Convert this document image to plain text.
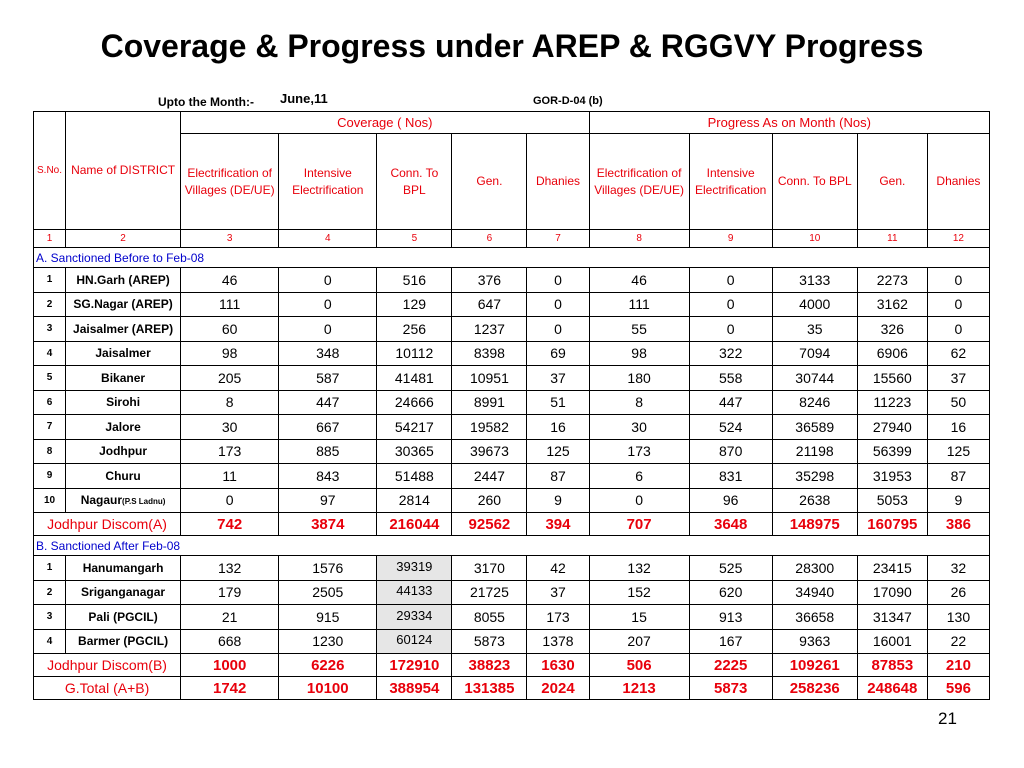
Coverage & Progress under AREP & RGGVY Progress
Upto the Month:- June,11	GOR-D-04 (b)
S.No.	Name of DISTRICT	Coverage ( Nos)					Progress As on Month (Nos)				
		Electrification of Villages (DE/UE)	Intensive Electrification	Conn. To BPL	Gen.	Dhanies	Electrification of Villages (DE/UE)	Intensive Electrification	Conn. To BPL	Gen.	Dhanies
1	2	3	4	5	6	7	8	9	10	11	12
A. Sanctioned Before to Feb-08											
1	HN.Garh (AREP)	46	0	516	376	0	46	0	3133	2273	0
2	SG.Nagar (AREP)	111	0	129	647	0	111	0	4000	3162	0
3	Jaisalmer (AREP)	60	0	256	1237	0	55	0	35	326	0
4	Jaisalmer	98	348	10112	8398	69	98	322	7094	6906	62
5	Bikaner	205	587	41481	10951	37	180	558	30744	15560	37
6	Sirohi	8	447	24666	8991	51	8	447	8246	11223	50
7	Jalore	30	667	54217	19582	16	30	524	36589	27940	16
8	Jodhpur	173	885	30365	39673	125	173	870	21198	56399	125
9	Churu	11	843	51488	2447	87	6	831	35298	31953	87
10	Nagaur(P.S Ladnu)	0	97	2814	260	9	0	96	2638	5053	9
Jodhpur Discom(A)		742	3874	216044	92562	394	707	3648	148975	160795	386
B. Sanctioned After Feb-08											
1	Hanumangarh	132	1576	39319	3170	42	132	525	28300	23415	32
2	Sriganganagar	179	2505	44133	21725	37	152	620	34940	17090	26
3	Pali (PGCIL)	21	915	29334	8055	173	15	913	36658	31347	130
4	Barmer (PGCIL)	668	1230	60124	5873	1378	207	167	9363	16001	22
Jodhpur Discom(B)		1000	6226	172910	38823	1630	506	2225	109261	87853	210
G.Total (A+B)		1742	10100	388954	131385	2024	1213	5873	258236	248648	596
21
